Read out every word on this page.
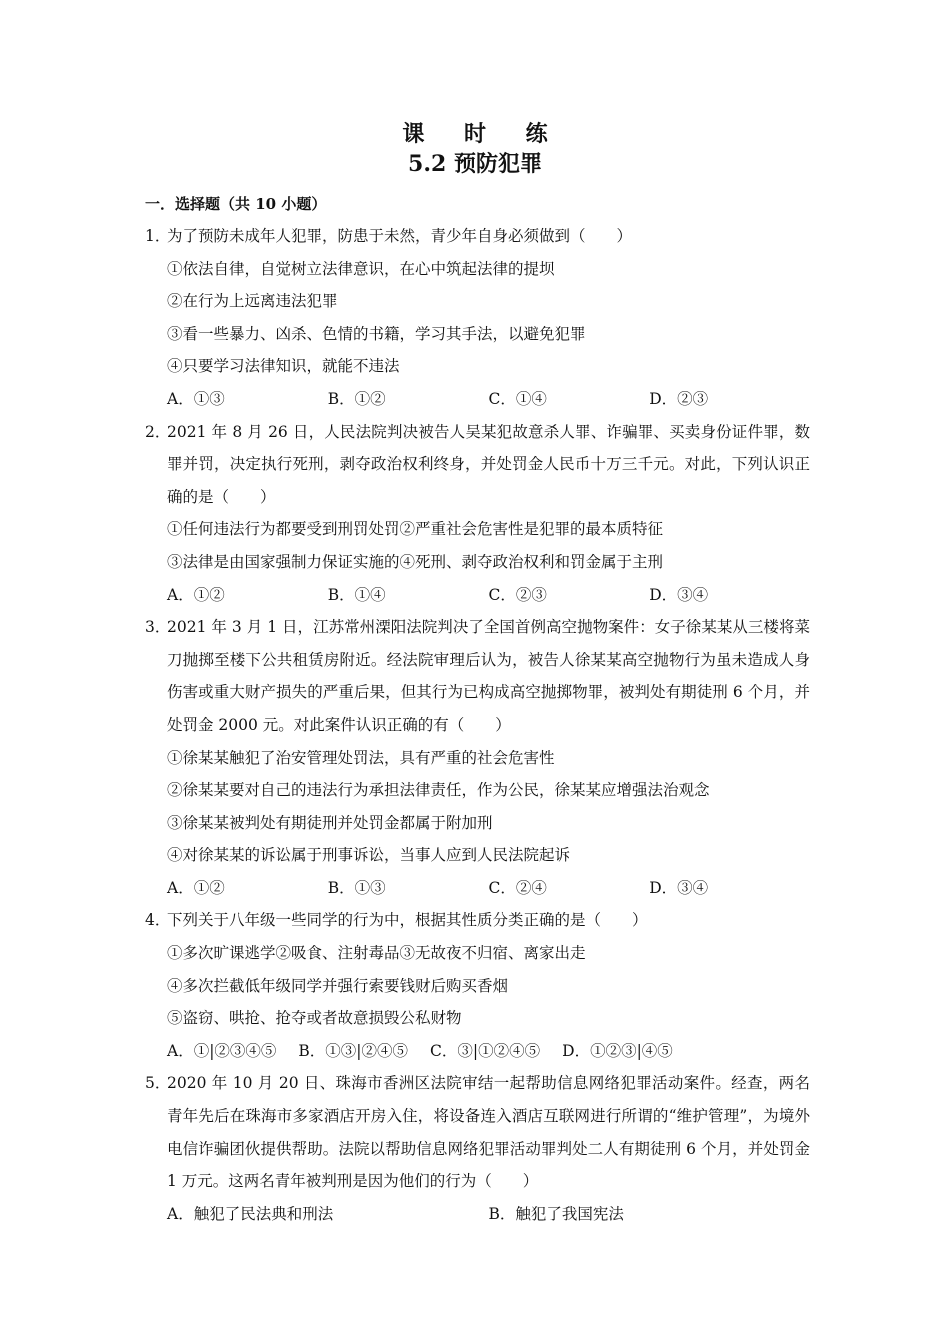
课 时 练
5.2 预防犯罪
一．选择题（共 10 小题）
1．
为了预防未成年人犯罪，防患于未然，青少年自身必须做到（　　）
①依法自律，自觉树立法律意识，在心中筑起法律的提坝
②在行为上远离违法犯罪
③看一些暴力、凶杀、色情的书籍，学习其手法，以避免犯罪
④只要学习法律知识，就能不违法
A．①③	B．①②	C．①④	D．②③
2．
2021 年 8 月 26 日，人民法院判决被告人吴某犯故意杀人罪、诈骗罪、买卖身份证件罪，数罪并罚，决定执行死刑，剥夺政治权利终身，并处罚金人民币十万三千元。对此，下列认识正确的是（　　）
①任何违法行为都要受到刑罚处罚②严重社会危害性是犯罪的最本质特征
③法律是由国家强制力保证实施的④死刑、剥夺政治权利和罚金属于主刑
A．①②	B．①④	C．②③	D．③④
3．
2021 年 3 月 1 日，江苏常州溧阳法院判决了全国首例高空抛物案件：女子徐某某从三楼将菜刀抛掷至楼下公共租赁房附近。经法院审理后认为，被告人徐某某高空抛物行为虽未造成人身伤害或重大财产损失的严重后果，但其行为已构成高空抛掷物罪，被判处有期徒刑 6 个月，并处罚金 2000 元。对此案件认识正确的有（　　）
①徐某某触犯了治安管理处罚法，具有严重的社会危害性
②徐某某要对自己的违法行为承担法律责任，作为公民，徐某某应增强法治观念
③徐某某被判处有期徒刑并处罚金都属于附加刑
④对徐某某的诉讼属于刑事诉讼，当事人应到人民法院起诉
A．①②	B．①③	C．②④	D．③④
4．
下列关于八年级一些同学的行为中，根据其性质分类正确的是（　　）
①多次旷课逃学②吸食、注射毒品③无故夜不归宿、离家出走
④多次拦截低年级同学并强行索要钱财后购买香烟
⑤盗窃、哄抢、抢夺或者故意损毁公私财物
A．①|②③④⑤ B．①③|②④⑤ C．③|①②④⑤ D．①②③|④⑤
5．
2020 年 10 月 20 日、珠海市香洲区法院审结一起帮助信息网络犯罪活动案件。经查，两名青年先后在珠海市多家酒店开房入住，将设备连入酒店互联网进行所谓的“维护管理”，为境外电信诈骗团伙提供帮助。法院以帮助信息网络犯罪活动罪判处二人有期徒刑 6 个月，并处罚金 1 万元。这两名青年被判刑是因为他们的行为（　　）
A．触犯了民法典和刑法	B．触犯了我国宪法
